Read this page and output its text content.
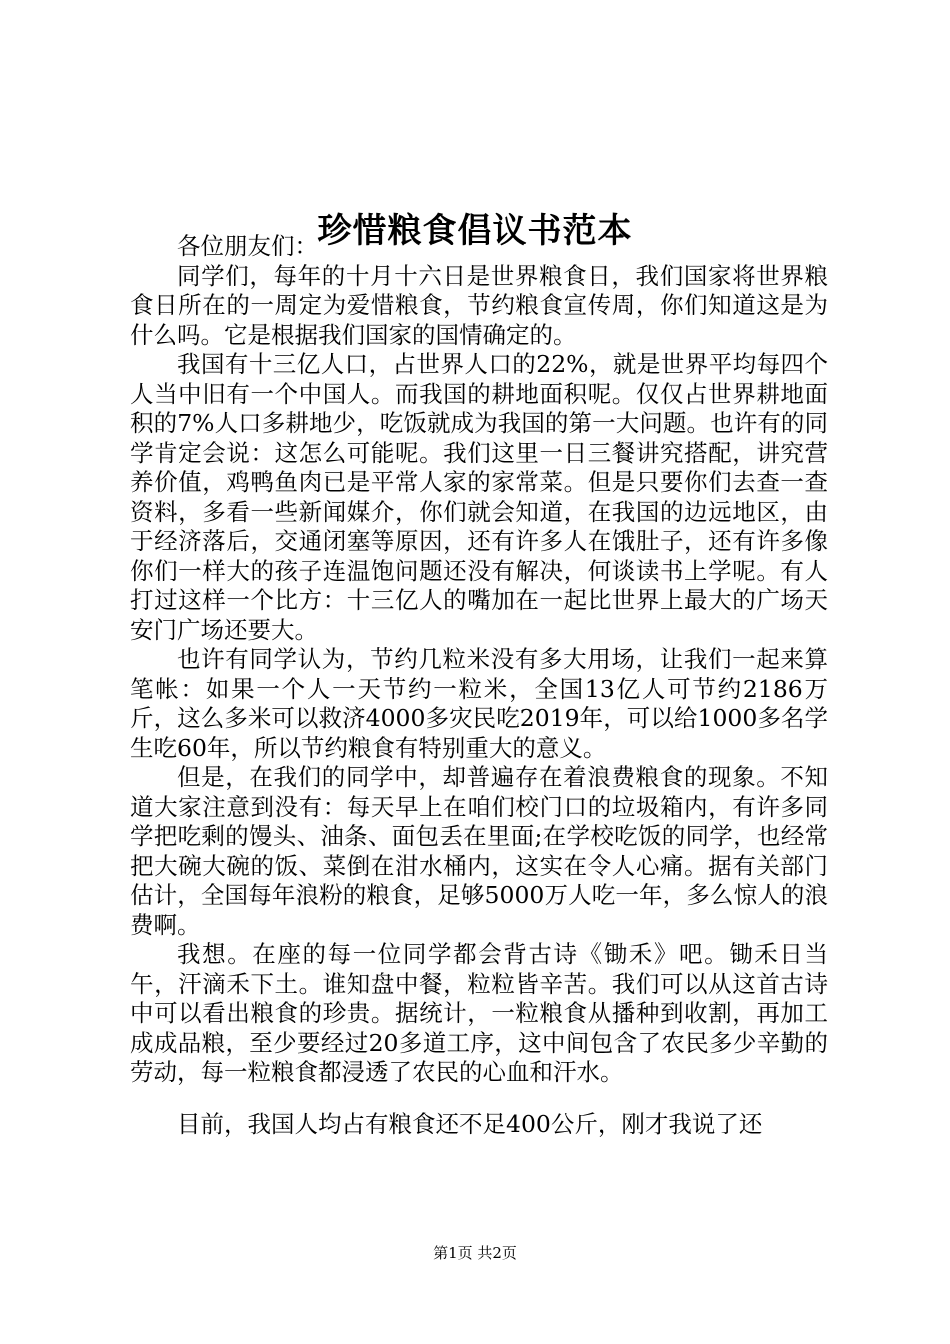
珍惜粮食倡议书范本

各位朋友们：

同学们，每年的十月十六日是世界粮食日，我们国家将世界粮食日所在的一周定为爱惜粮食，节约粮食宣传周，你们知道这是为什么吗。它是根据我们国家的国情确定的。

我国有十三亿人口，占世界人口的22%，就是世界平均每四个人当中旧有一个中国人。而我国的耕地面积呢。仅仅占世界耕地面积的7%人口多耕地少，吃饭就成为我国的第一大问题。也许有的同学肯定会说：这怎么可能呢。我们这里一日三餐讲究搭配，讲究营养价值，鸡鸭鱼肉已是平常人家的家常菜。但是只要你们去查一查资料，多看一些新闻媒介，你们就会知道，在我国的边远地区，由于经济落后，交通闭塞等原因，还有许多人在饿肚子，还有许多像你们一样大的孩子连温饱问题还没有解决，何谈读书上学呢。有人打过这样一个比方：十三亿人的嘴加在一起比世界上最大的广场天安门广场还要大。

也许有同学认为，节约几粒米没有多大用场，让我们一起来算笔帐：如果一个人一天节约一粒米，全国13亿人可节约2186万斤，这么多米可以救济4000多灾民吃2019年，可以给1000多名学生吃60年，所以节约粮食有特别重大的意义。

但是，在我们的同学中，却普遍存在着浪费粮食的现象。不知道大家注意到没有：每天早上在咱们校门口的垃圾箱内，有许多同学把吃剩的馒头、油条、面包丢在里面;在学校吃饭的同学，也经常把大碗大碗的饭、菜倒在泔水桶内，这实在令人心痛。据有关部门估计，全国每年浪粉的粮食，足够5000万人吃一年，多么惊人的浪费啊。

我想。在座的每一位同学都会背古诗《锄禾》吧。锄禾日当午，汗滴禾下土。谁知盘中餐，粒粒皆辛苦。我们可以从这首古诗中可以看出粮食的珍贵。据统计，一粒粮食从播种到收割，再加工成成品粮，至少要经过20多道工序，这中间包含了农民多少辛勤的劳动，每一粒粮食都浸透了农民的心血和汗水。

目前，我国人均占有粮食还不足400公斤，刚才我说了还

第1页 共2页
